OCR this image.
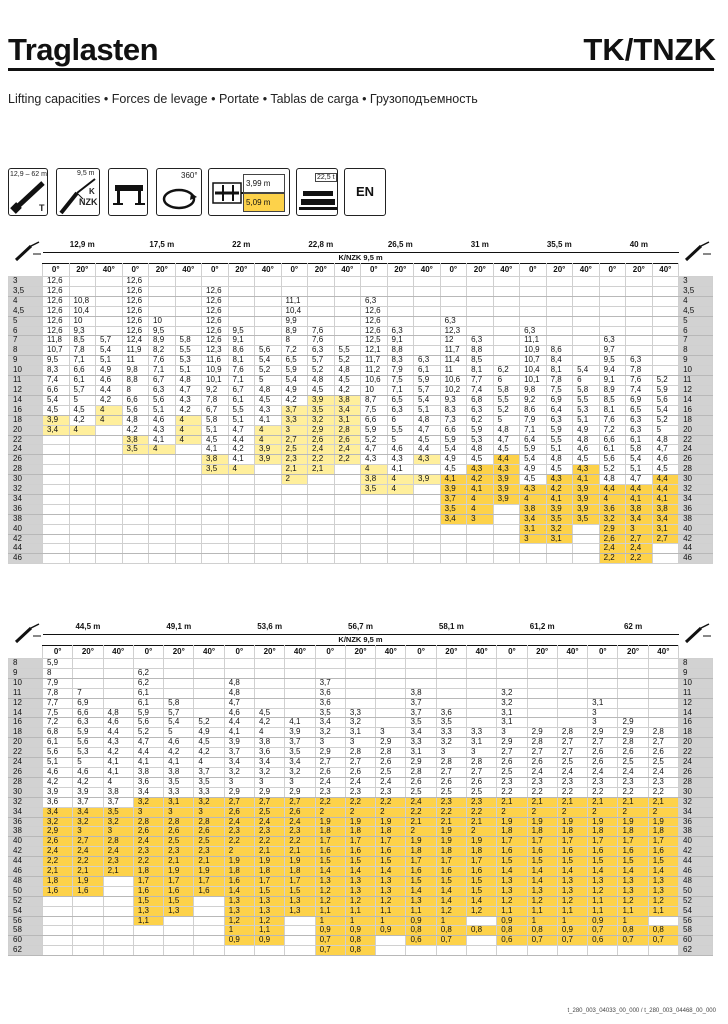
Traglasten	TK/TNZK
Lifting capacities • Forces de levage • Portate • Tablas de carga • Грузоподъемность
12,9 – 62 m
T
9,5 m
K
NZK
360°
3,99 m
5,09 m
22,5 t
EN
	12,9 m			17,5 m			22 m			22,8 m			26,5 m			31 m			35,5 m			40 m	

	K/NZK 9,5 m																								
	0°	20°	40°	0°	20°	40°	0°	20°	40°	0°	20°	40°	0°	20°	40°	0°	20°	40°	0°	20°	40°	0°	20°	40°	
3	12,6			12,6																					3
3,5	12,6			12,6			12,6																		3,5
4	12,6	10,8		12,6			12,6			11,1			6,3												4
4,5	12,6	10,4		12,6			12,6			10,4			12,6												4,5
5	12,6	10		12,6	10		12,6			9,9			12,6			6,3									5
6	12,6	9,3		12,6	9,5		12,6	9,5		8,9	7,6		12,6	6,3		12,3			6,3						6
7	11,8	8,5	5,7	12,4	8,9	5,8	12,6	9,1		8	7,6		12,5	9,1		12	6,3		11,1			6,3			7
8	10,7	7,8	5,4	11,9	8,2	5,5	12,3	8,6	5,6	7,2	6,3	5,5	12,1	8,8		11,7	8,8		10,9	8,6		9,7			8
9	9,5	7,1	5,1	11	7,6	5,3	11,6	8,1	5,4	6,5	5,7	5,2	11,7	8,3	6,3	11,4	8,5		10,7	8,4		9,5	6,3		9
10	8,3	6,6	4,9	9,8	7,1	5,1	10,9	7,6	5,2	5,9	5,2	4,8	11,2	7,9	6,1	11	8,1	6,2	10,4	8,1	5,4	9,4	7,8		10
11	7,4	6,1	4,6	8,8	6,7	4,8	10,1	7,1	5	5,4	4,8	4,5	10,6	7,5	5,9	10,6	7,7	6	10,1	7,8	6	9,1	7,6	5,2	11
12	6,6	5,7	4,4	8	6,3	4,7	9,2	6,7	4,8	4,9	4,5	4,2	10	7,1	5,7	10,2	7,4	5,8	9,8	7,5	5,8	8,9	7,4	5,9	12
14	5,4	5	4,2	6,6	5,6	4,3	7,8	6,1	4,5	4,2	3,9	3,8	8,7	6,5	5,4	9,3	6,8	5,5	9,2	6,9	5,5	8,5	6,9	5,6	14
16	4,5	4,5	4	5,6	5,1	4,2	6,7	5,5	4,3	3,7	3,5	3,4	7,5	6,3	5,1	8,3	6,3	5,2	8,6	6,4	5,3	8,1	6,5	5,4	16
18	3,9	4,2	4	4,8	4,6	4	5,8	5,1	4,1	3,3	3,2	3,1	6,6	6	4,8	7,3	6,2	5	7,9	6,3	5,1	7,6	6,3	5,2	18
20	3,4	4		4,2	4,3	4	5,1	4,7	4	3	2,9	2,8	5,9	5,5	4,7	6,6	5,9	4,8	7,1	5,9	4,9	7,2	6,3	5	20
22				3,8	4,1	4	4,5	4,4	4	2,7	2,6	2,6	5,2	5	4,5	5,9	5,3	4,7	6,4	5,5	4,8	6,6	6,1	4,8	22
24				3,5	4		4,1	4,2	3,9	2,5	2,4	2,4	4,7	4,6	4,4	5,4	4,8	4,5	5,9	5,1	4,6	6,1	5,8	4,7	24
26							3,8	4,1	3,9	2,3	2,2	2,2	4,3	4,3	4,3	4,9	4,5	4,4	5,4	4,8	4,5	5,6	5,4	4,6	26
28							3,5	4		2,1	2,1		4	4,1		4,5	4,3	4,3	4,9	4,5	4,3	5,2	5,1	4,5	28
30										2			3,8	4	3,9	4,1	4,2	3,9	4,5	4,3	4,1	4,8	4,7	4,4	30
32													3,5	4		3,9	4,1	3,9	4,3	4,2	3,9	4,4	4,4	4,4	32
34																3,7	4	3,9	4	4,1	3,9	4	4,1	4,1	34
36																3,5	4		3,8	3,9	3,9	3,6	3,8	3,8	36
38																3,4	3		3,4	3,5	3,5	3,2	3,4	3,4	38
40																			3,1	3,2		2,9	3	3,1	40
42																			3	3,1		2,6	2,7	2,7	42
44																						2,4	2,4		44
46																						2,2	2,2		46
	44,5 m			49,1 m			53,6 m			56,7 m			58,1 m			61,2 m			62 m	

	K/NZK 9,5 m																					
	0°	20°	40°	0°	20°	40°	0°	20°	40°	0°	20°	40°	0°	20°	40°	0°	20°	40°	0°	20°	40°	
8	5,9																					8
9	8			6,2																		9
10	7,9			6,2			4,8			3,7												10
11	7,8	7		6,1			4,8			3,6			3,8			3,2						11
12	7,7	6,9		6,1	5,8		4,7			3,6			3,7			3,2			3,1			12
14	7,5	6,6	4,8	5,9	5,7		4,6	4,5		3,5	3,3		3,7	3,6		3,1			3			14
16	7,2	6,3	4,6	5,6	5,4	5,2	4,4	4,2	4,1	3,4	3,2		3,5	3,5		3,1			3	2,9		16
18	6,8	5,9	4,4	5,2	5	4,9	4,1	4	3,9	3,2	3,1	3	3,4	3,3	3,3	3	2,9	2,8	2,9	2,9	2,8	18
20	6,1	5,6	4,3	4,7	4,6	4,5	3,9	3,8	3,7	3	3	2,9	3,3	3,2	3,1	2,9	2,8	2,7	2,7	2,8	2,7	20
22	5,6	5,3	4,2	4,4	4,2	4,2	3,7	3,6	3,5	2,9	2,8	2,8	3,1	3	3	2,7	2,7	2,7	2,6	2,6	2,6	22
24	5,1	5	4,1	4,1	4,1	4	3,4	3,4	3,4	2,7	2,7	2,6	2,9	2,8	2,8	2,6	2,6	2,5	2,6	2,5	2,5	24
26	4,6	4,6	4,1	3,8	3,8	3,7	3,2	3,2	3,2	2,6	2,6	2,5	2,8	2,7	2,7	2,5	2,4	2,4	2,4	2,4	2,4	26
28	4,2	4,2	4	3,6	3,5	3,5	3	3	3	2,4	2,4	2,4	2,6	2,6	2,6	2,3	2,3	2,3	2,3	2,3	2,3	28
30	3,9	3,9	3,8	3,4	3,3	3,3	2,9	2,9	2,9	2,3	2,3	2,3	2,5	2,5	2,5	2,2	2,2	2,2	2,2	2,2	2,2	30
32	3,6	3,7	3,7	3,2	3,1	3,2	2,7	2,7	2,7	2,2	2,2	2,2	2,4	2,3	2,3	2,1	2,1	2,1	2,1	2,1	2,1	32
34	3,4	3,4	3,5	3	3	3	2,6	2,5	2,6	2	2	2	2,2	2,2	2,2	2	2	2	2	2	2	34
36	3,2	3,2	3,2	2,8	2,8	2,8	2,4	2,4	2,4	1,9	1,9	1,9	2,1	2,1	2,1	1,9	1,9	1,9	1,9	1,9	1,9	36
38	2,9	3	3	2,6	2,6	2,6	2,3	2,3	2,3	1,8	1,8	1,8	2	1,9	2	1,8	1,8	1,8	1,8	1,8	1,8	38
40	2,6	2,7	2,8	2,4	2,5	2,5	2,2	2,2	2,2	1,7	1,7	1,7	1,9	1,9	1,9	1,7	1,7	1,7	1,7	1,7	1,7	40
42	2,4	2,4	2,4	2,3	2,3	2,3	2	2,1	2,1	1,6	1,6	1,6	1,8	1,8	1,8	1,6	1,6	1,6	1,6	1,6	1,6	42
44	2,2	2,2	2,3	2,2	2,1	2,1	1,9	1,9	1,9	1,5	1,5	1,5	1,7	1,7	1,7	1,5	1,5	1,5	1,5	1,5	1,5	44
46	2,1	2,1	2,1	1,8	1,9	1,9	1,8	1,8	1,8	1,4	1,4	1,4	1,6	1,6	1,6	1,4	1,4	1,4	1,4	1,4	1,4	46
48	1,8	1,9		1,7	1,7	1,7	1,6	1,7	1,7	1,3	1,3	1,3	1,5	1,5	1,5	1,3	1,4	1,3	1,3	1,3	1,3	48
50	1,6	1,6		1,6	1,6	1,6	1,4	1,5	1,5	1,2	1,3	1,3	1,4	1,4	1,5	1,3	1,3	1,3	1,2	1,3	1,3	50
52				1,5	1,5		1,3	1,3	1,3	1,2	1,2	1,2	1,3	1,4	1,4	1,2	1,2	1,2	1,1	1,2	1,2	52
54				1,3	1,3		1,3	1,3	1,3	1,1	1,1	1,1	1,1	1,2	1,2	1,1	1,1	1,1	1,1	1,1	1,1	54
56				1,1			1,2	1,2		1	1	1	0,9	1		0,9	1	1	0,9	1		56
58							1	1,1		0,9	0,9	0,9	0,8	0,8	0,8	0,8	0,8	0,9	0,7	0,8	0,8	58
60							0,9	0,9		0,7	0,8		0,6	0,7		0,6	0,7	0,7	0,6	0,7	0,7	60
62										0,7	0,8											62
t_280_003_04033_00_000 / t_280_003_04468_00_000
